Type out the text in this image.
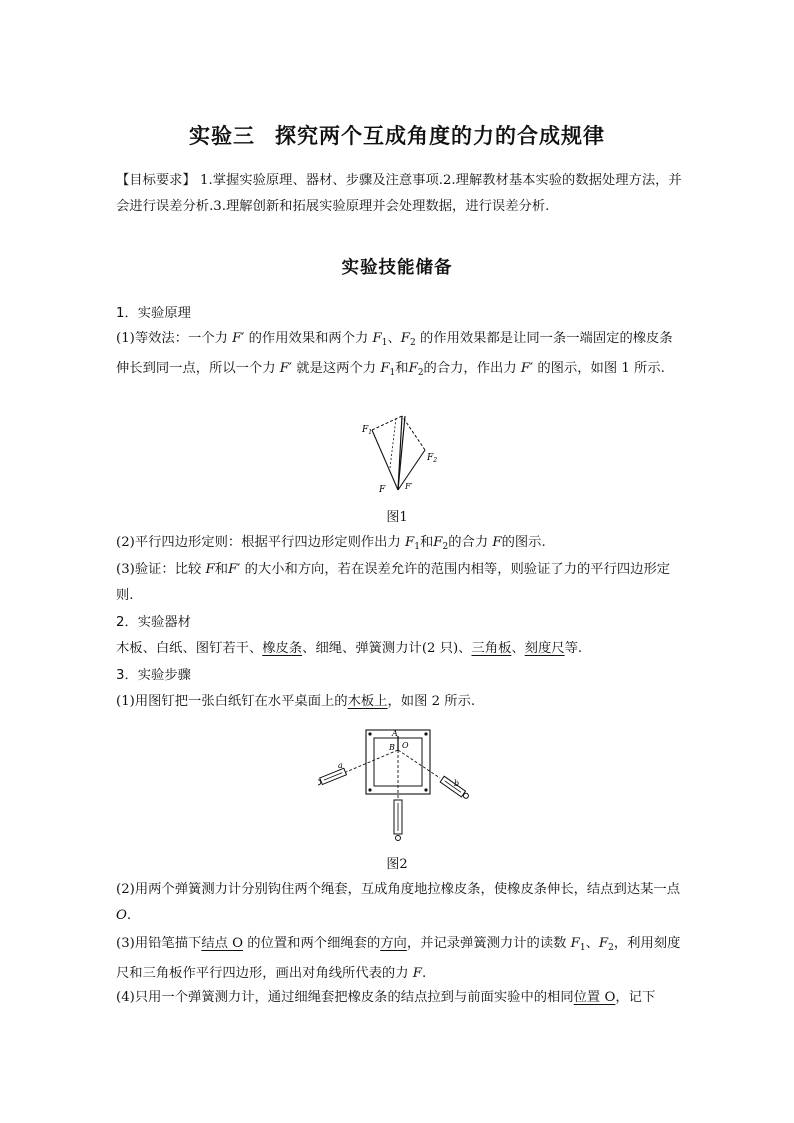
实验三 探究两个互成角度的力的合成规律
【目标要求】 1.掌握实验原理、器材、步骤及注意事项.2.理解教材基本实验的数据处理方法，并会进行误差分析.3.理解创新和拓展实验原理并会处理数据，进行误差分析.
实验技能储备

1．实验原理

(1)等效法：一个力 F′ 的作用效果和两个力 $F_1$、$F_2$ 的作用效果都是让同一条一端固定的橡皮条伸长到同一点，所以一个力 F′ 就是这两个力 $F_1$和$F_2$的合力，作出力 F′ 的图示，如图 1 所示.

$F_1$
$F_2$
F F′
图1

(2)平行四边形定则：根据平行四边形定则作出力 $F_1$和$F_2$的合力 F的图示.

(3)验证：比较 F和F′ 的大小和方向，若在误差允许的范围内相等，则验证了力的平行四边形定则.

2．实验器材

木板、白纸、图钉若干、橡皮条、细绳、弹簧测力计(2 只)、三角板、刻度尺等.

3．实验步骤

(1)用图钉把一张白纸钉在水平桌面上的木板上，如图 2 所示.

A
B O
a
b
图2

(2)用两个弹簧测力计分别钩住两个绳套，互成角度地拉橡皮条，使橡皮条伸长，结点到达某一点 O.

(3)用铅笔描下结点 O 的位置和两个细绳套的方向，并记录弹簧测力计的读数 $F_1$、$F_2$，利用刻度尺和三角板作平行四边形，画出对角线所代表的力 F.

(4)只用一个弹簧测力计，通过细绳套把橡皮条的结点拉到与前面实验中的相同位置 O，记下
